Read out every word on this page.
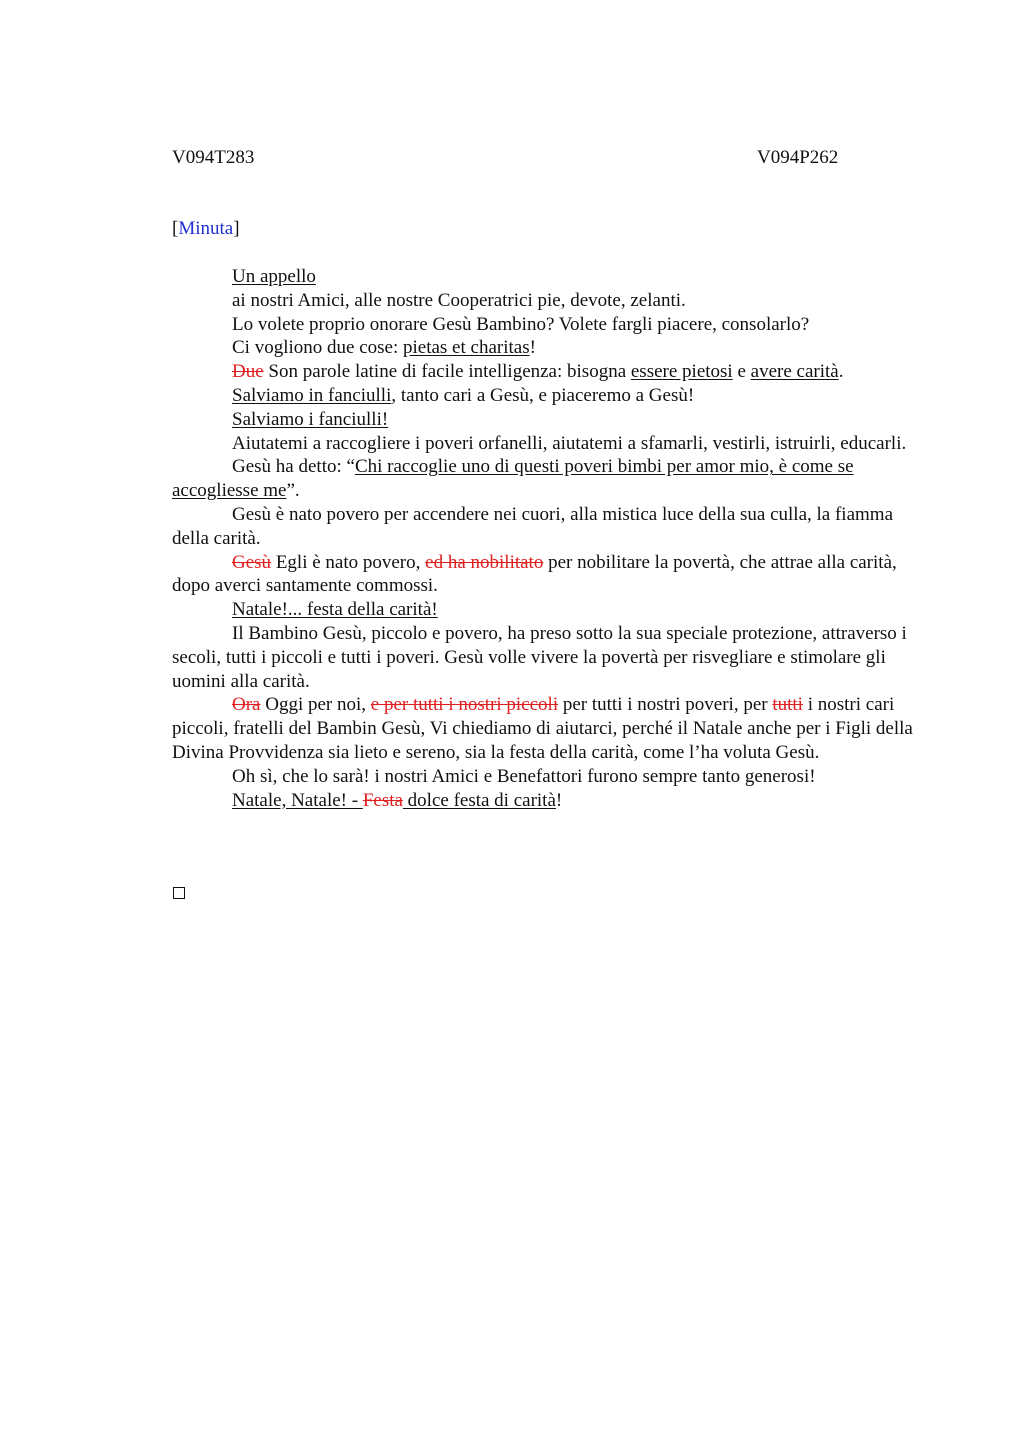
V094T283	V094P262
[Minuta]

Un appello

ai nostri Amici, alle nostre Cooperatrici pie, devote, zelanti.

Lo volete proprio onorare Gesù Bambino? Volete fargli piacere, consolarlo?

Ci vogliono due cose: pietas et charitas!

Due Son parole latine di facile intelligenza: bisogna essere pietosi e avere carità.

Salviamo in fanciulli, tanto cari a Gesù, e piaceremo a Gesù!

Salviamo i fanciulli!

Aiutatemi a raccogliere i poveri orfanelli, aiutatemi a sfamarli, vestirli, istruirli, educarli.

Gesù ha detto: “Chi raccoglie uno di questi poveri bimbi per amor mio, è come se accogliesse me”.

Gesù è nato povero per accendere nei cuori, alla mistica luce della sua culla, la fiamma della carità.

Gesù Egli è nato povero, ed ha nobilitato per nobilitare la povertà, che attrae alla carità, dopo averci santamente commossi.

Natale!... festa della carità!

Il Bambino Gesù, piccolo e povero, ha preso sotto la sua speciale protezione, attraverso i secoli, tutti i piccoli e tutti i poveri. Gesù volle vivere la povertà per risvegliare e stimolare gli uomini alla carità.

Ora Oggi per noi, e per tutti i nostri piccoli per tutti i nostri poveri, per tutti i nostri cari piccoli, fratelli del Bambin Gesù, Vi chiediamo di aiutarci, perché il Natale anche per i Figli della Divina Provvidenza sia lieto e sereno, sia la festa della carità, come l’ha voluta Gesù.

Oh sì, che lo sarà! i nostri Amici e Benefattori furono sempre tanto generosi!

Natale, Natale! - Festa dolce festa di carità!
